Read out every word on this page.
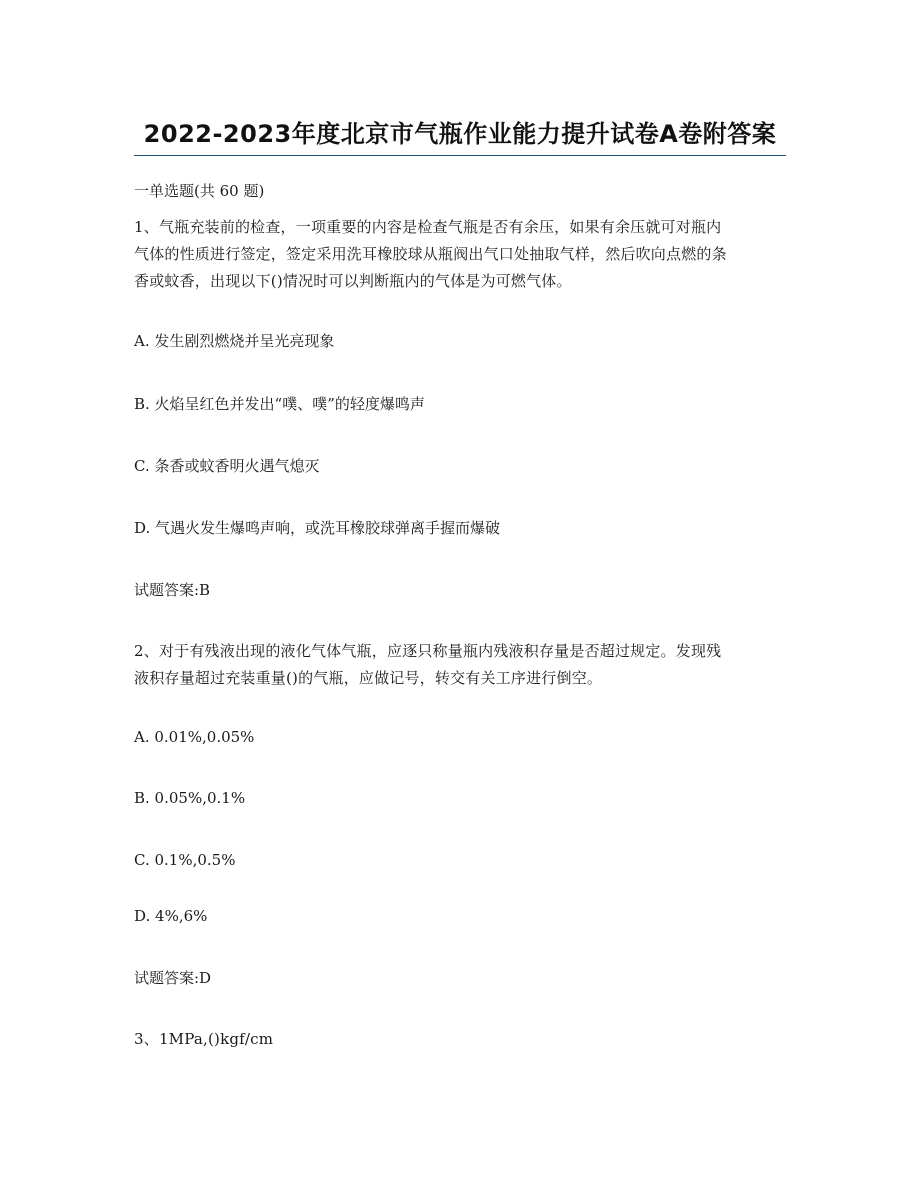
2022-2023年度北京市气瓶作业能力提升试卷A卷附答案
一单选题(共 60 题)
1、气瓶充装前的检查，一项重要的内容是检查气瓶是否有余压，如果有余压就可对瓶内
气体的性质进行签定，签定采用洗耳橡胶球从瓶阀出气口处抽取气样，然后吹向点燃的条
香或蚊香，出现以下()情况时可以判断瓶内的气体是为可燃气体。
A. 发生剧烈燃烧并呈光亮现象
B. 火焰呈红色并发出“噗、噗”的轻度爆鸣声
C. 条香或蚊香明火遇气熄灭
D. 气遇火发生爆鸣声响，或洗耳橡胶球弹离手握而爆破
试题答案:B
2、对于有残液出现的液化气体气瓶，应逐只称量瓶内残液积存量是否超过规定。发现残
液积存量超过充装重量()的气瓶，应做记号，转交有关工序进行倒空。
A. 0.01%,0.05%
B. 0.05%,0.1%
C. 0.1%,0.5%
D. 4%,6%
试题答案:D
3、1MPa,()kgf/cm
